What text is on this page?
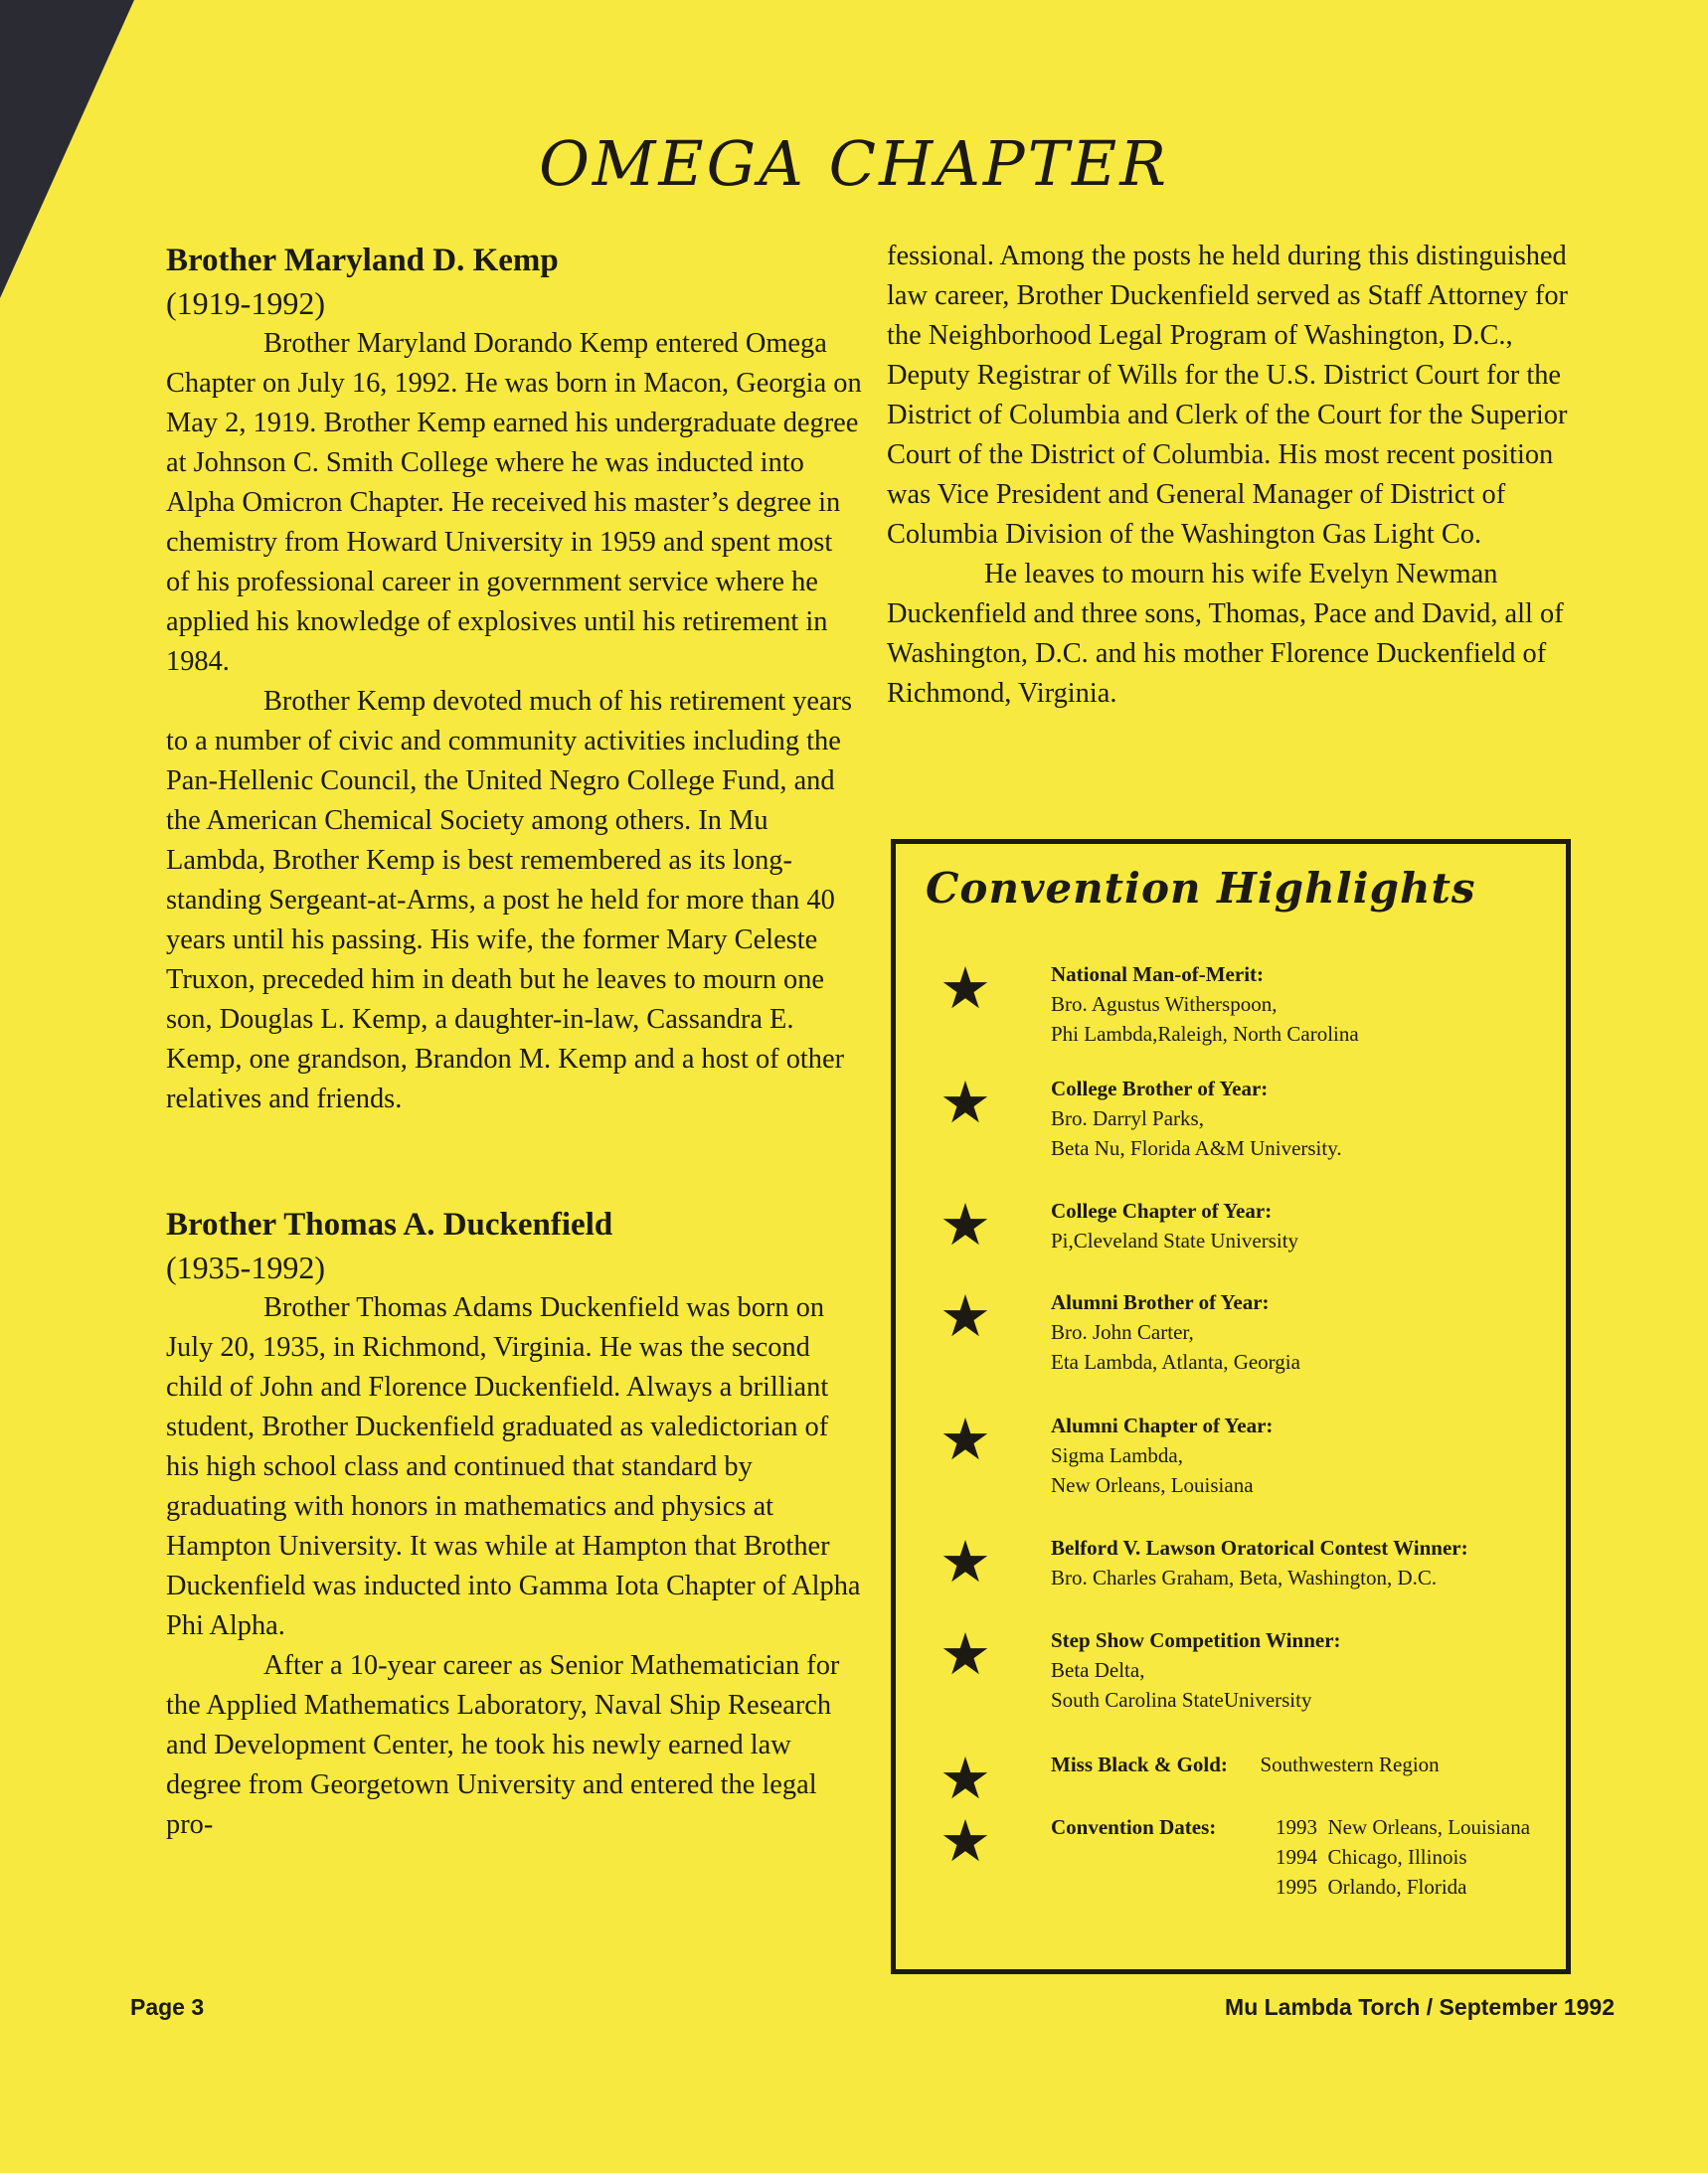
OMEGA CHAPTER
Brother Maryland D. Kemp
(1919-1992)

Brother Maryland Dorando Kemp entered Omega Chapter on July 16, 1992. He was born in Macon, Georgia on May 2, 1919. Brother Kemp earned his undergraduate degree at Johnson C. Smith College where he was inducted into Alpha Omicron Chapter. He received his master’s degree in chemistry from Howard University in 1959 and spent most of his professional career in government service where he applied his knowledge of explosives until his retirement in 1984.

Brother Kemp devoted much of his retirement years to a number of civic and community activities including the Pan-Hellenic Council, the United Negro College Fund, and the American Chemical Society among others. In Mu Lambda, Brother Kemp is best remembered as its long-standing Sergeant-at-Arms, a post he held for more than 40 years until his passing. His wife, the former Mary Celeste Truxon, preceded him in death but he leaves to mourn one son, Douglas L. Kemp, a daughter-in-law, Cassandra E. Kemp, one grandson, Brandon M. Kemp and a host of other relatives and friends.

Brother Thomas A. Duckenfield
(1935-1992)

Brother Thomas Adams Duckenfield was born on July 20, 1935, in Richmond, Virginia. He was the second child of John and Florence Duckenfield. Always a brilliant student, Brother Duckenfield graduated as valedictorian of his high school class and continued that standard by graduating with honors in mathematics and physics at Hampton University. It was while at Hampton that Brother Duckenfield was inducted into Gamma Iota Chapter of Alpha Phi Alpha.

After a 10-year career as Senior Mathematician for the Applied Mathematics Laboratory, Naval Ship Research and Development Center, he took his newly earned law degree from Georgetown University and entered the legal pro-

fessional. Among the posts he held during this distinguished law career, Brother Duckenfield served as Staff Attorney for the Neighborhood Legal Program of Washington, D.C., Deputy Registrar of Wills for the U.S. District Court for the District of Columbia and Clerk of the Court for the Superior Court of the District of Columbia. His most recent position was Vice President and General Manager of District of Columbia Division of the Washington Gas Light Co.

He leaves to mourn his wife Evelyn Newman Duckenfield and three sons, Thomas, Pace and David, all of Washington, D.C. and his mother Florence Duckenfield of Richmond, Virginia.

Convention Highlights
★	National Man-of-Merit:
Bro. Agustus Witherspoon,
Phi Lambda,Raleigh, North Carolina
★	College Brother of Year:
Bro. Darryl Parks,
Beta Nu, Florida A&M University.
★	College Chapter of Year:
Pi,Cleveland State University
★	Alumni Brother of Year:
Bro. John Carter,
Eta Lambda, Atlanta, Georgia
★	Alumni Chapter of Year:
Sigma Lambda,
New Orleans, Louisiana
★	Belford V. Lawson Oratorical Contest Winner:
Bro. Charles Graham, Beta, Washington, D.C.
★	Step Show Competition Winner:
Beta Delta,
South Carolina StateUniversity
★	Miss Black & Gold: Southwestern Region
★	Convention Dates:	1993 New Orleans, Louisiana
1994 Chicago, Illinois
1995 Orlando, Florida
Page 3	Mu Lambda Torch / September 1992
